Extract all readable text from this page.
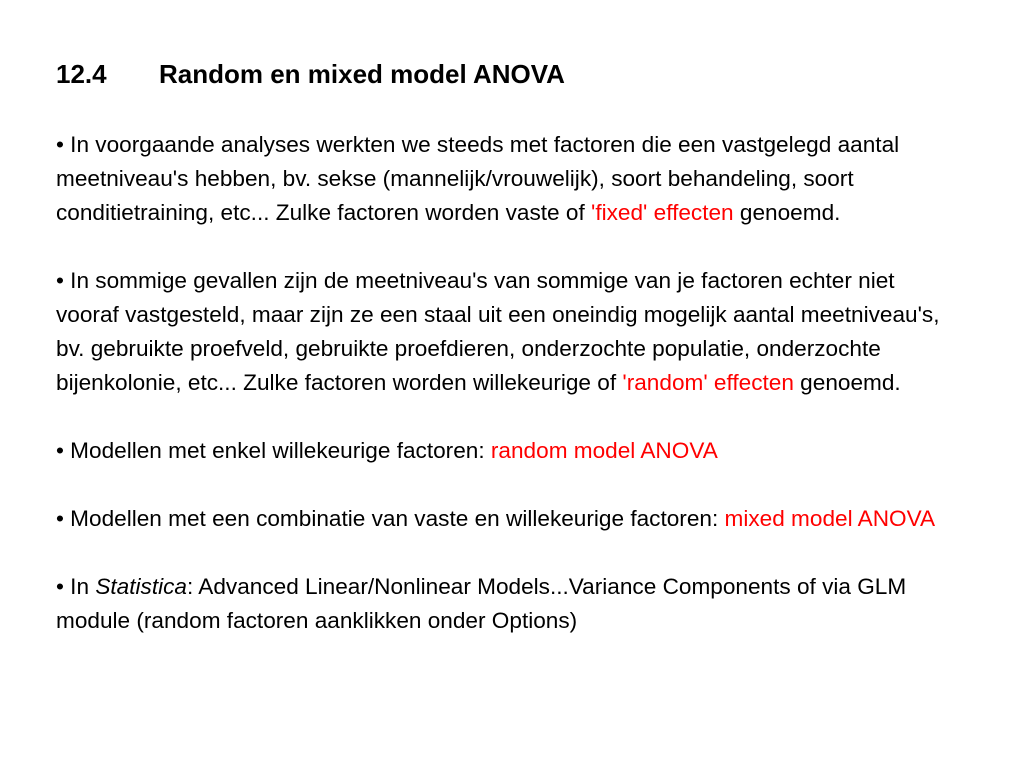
12.4 Random en mixed model ANOVA

• In voorgaande analyses werkten we steeds met factoren die een vastgelegd aantal meetniveau's hebben, bv. sekse (mannelijk/vrouwelijk), soort behandeling, soort conditietraining, etc... Zulke factoren worden vaste of 'fixed' effecten genoemd.

• In sommige gevallen zijn de meetniveau's van sommige van je factoren echter niet vooraf vastgesteld, maar zijn ze een staal uit een oneindig mogelijk aantal meetniveau's, bv. gebruikte proefveld, gebruikte proefdieren, onderzochte populatie, onderzochte bijenkolonie, etc... Zulke factoren worden willekeurige of 'random' effecten genoemd.

• Modellen met enkel willekeurige factoren: random model ANOVA

• Modellen met een combinatie van vaste en willekeurige factoren: mixed model ANOVA

• In Statistica: Advanced Linear/Nonlinear Models...Variance Components of via GLM module (random factoren aanklikken onder Options)
